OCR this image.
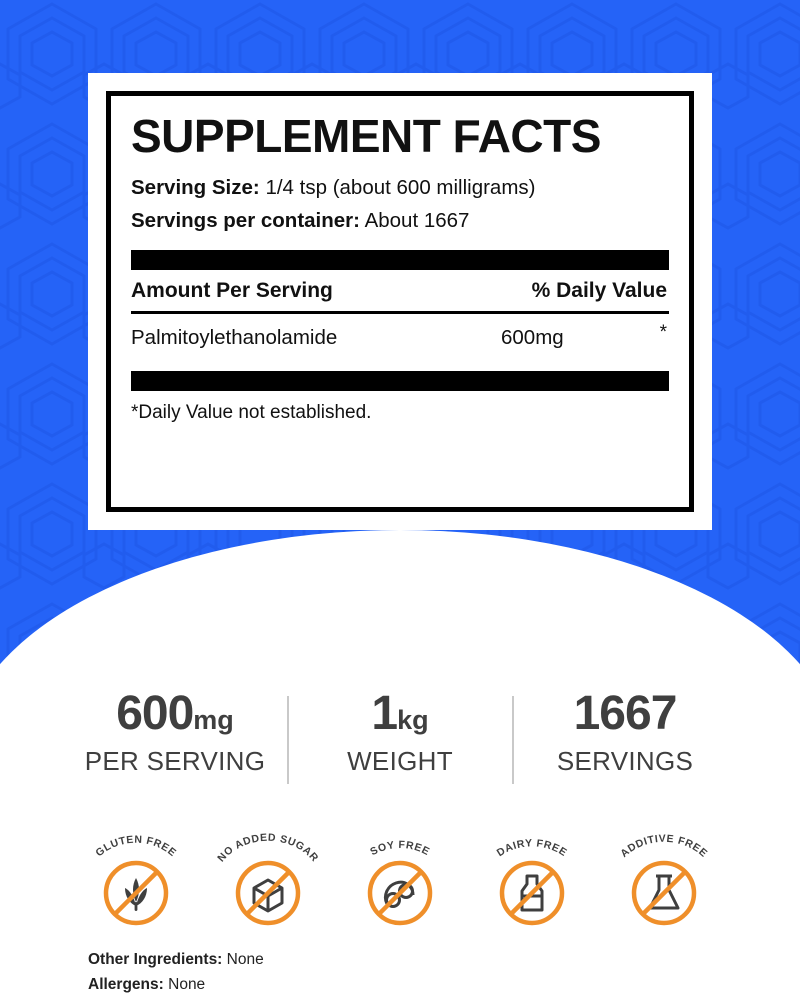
SUPPLEMENT FACTS
Serving Size: 1/4 tsp (about 600 milligrams)
Servings per container: About 1667
Amount Per Serving	% Daily Value
Palmitoylethanolamide	600mg	*
*Daily Value not established.
600mg
PER SERVING
1kg
WEIGHT
1667
SERVINGS
GLUTEN FREE	NO ADDED SUGAR	SOY FREE	DAIRY FREE	ADDITIVE FREE
Other Ingredients: None
Allergens: None
